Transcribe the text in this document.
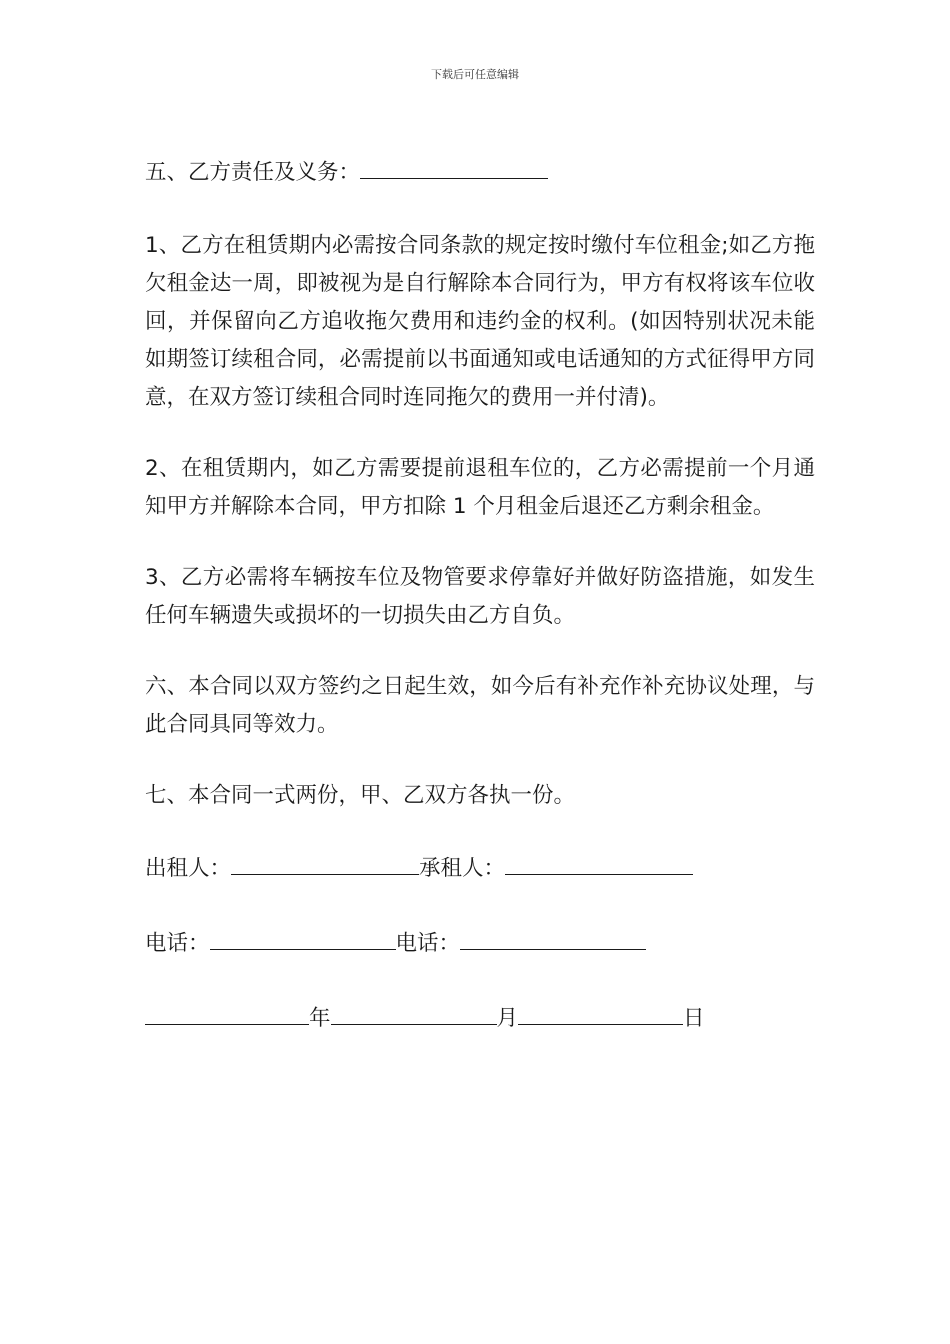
下载后可任意编辑
五、乙方责任及义务：

1、乙方在租赁期内必需按合同条款的规定按时缴付车位租金;如乙方拖欠租金达一周，即被视为是自行解除本合同行为，甲方有权将该车位收回，并保留向乙方追收拖欠费用和违约金的权利。(如因特别状况未能如期签订续租合同，必需提前以书面通知或电话通知的方式征得甲方同意，在双方签订续租合同时连同拖欠的费用一并付清)。

2、在租赁期内，如乙方需要提前退租车位的，乙方必需提前一个月通知甲方并解除本合同，甲方扣除 1 个月租金后退还乙方剩余租金。

3、乙方必需将车辆按车位及物管要求停靠好并做好防盗措施，如发生任何车辆遗失或损坏的一切损失由乙方自负。

六、本合同以双方签约之日起生效，如今后有补充作补充协议处理，与此合同具同等效力。

七、本合同一式两份，甲、乙双方各执一份。

出租人：	承租人：
电话：	电话：
年	月	日
